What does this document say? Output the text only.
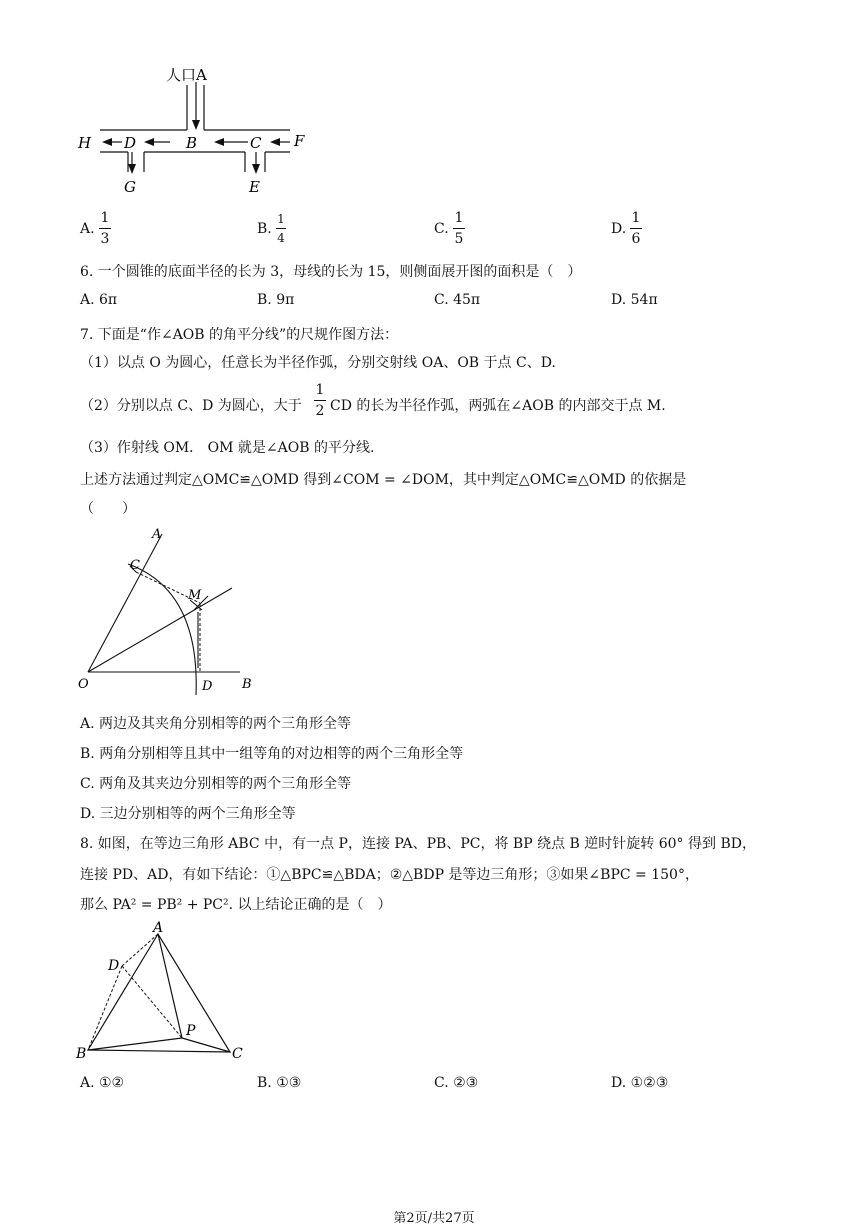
人口A
H D	B	C F
G	E
A.
1
3
B.
1
4
C.
1
5
D.
1
6
6. 一个圆锥的底面半径的长为 3，母线的长为 15，则侧面展开图的面积是（　）
A. 6π	B. 9π	C. 45π	D. 54π
7. 下面是“作∠AOB 的角平分线”的尺规作图方法：
（1）以点 O 为圆心，任意长为半径作弧，分别交射线 OA、OB 于点 C、D.
（2）分别以点 C、D 为圆心，大于
1
2 CD 的长为半径作弧，两弧在∠AOB 的内部交于点 M.
（3）作射线 OM． OM 就是∠AOB 的平分线.
上述方法通过判定△OMC≌△OMD 得到∠COM = ∠DOM，其中判定△OMC≌△OMD 的依据是
（　　）
A
C
M
O	D B
A. 两边及其夹角分别相等的两个三角形全等
B. 两角分别相等且其中一组等角的对边相等的两个三角形全等
C. 两角及其夹边分别相等的两个三角形全等
D. 三边分别相等的两个三角形全等
8. 如图，在等边三角形 ABC 中，有一点 P，连接 PA、PB、PC，将 BP 绕点 B 逆时针旋转 60° 得到 BD，
连接 PD、AD，有如下结论：①△BPC≌△BDA；②△BDP 是等边三角形；③如果∠BPC = 150°，
那么 PA² = PB² + PC². 以上结论正确的是（　）
A
D
P
B	C
A. ①②	B. ①③	C. ②③	D. ①②③
第2页/共27页
